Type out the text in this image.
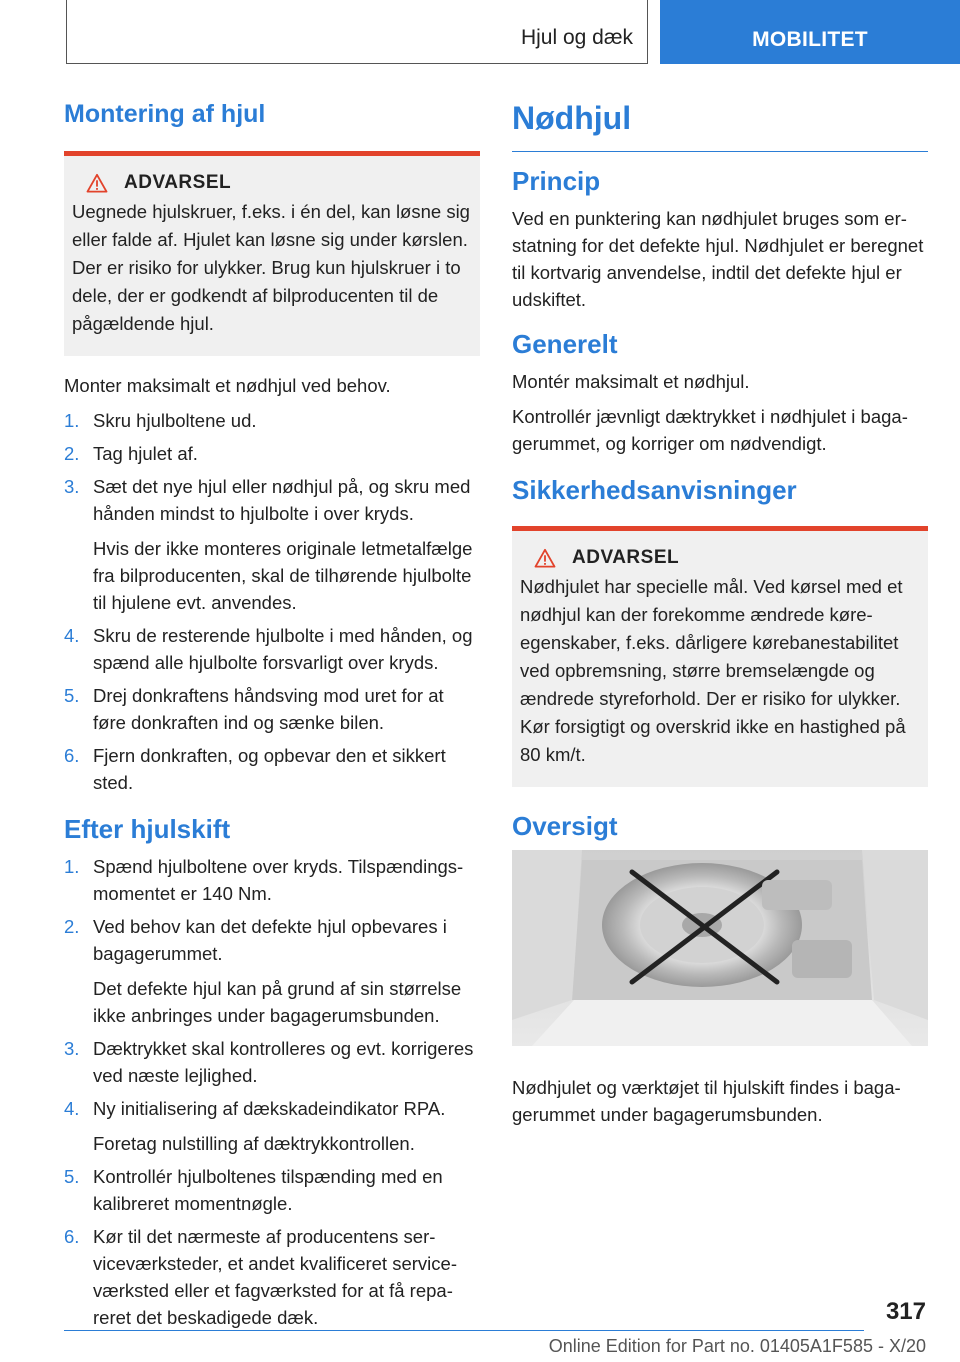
Hjul og dæk	MOBILITET
Montering af hjul
ADVARSEL

Uegnede hjulskruer, f.eks. i én del, kan løsne sig eller falde af. Hjulet kan løsne sig under kørslen. Der er risiko for ulykker. Brug kun hjulskruer i to dele, der er godkendt af bilproducenten til de pågældende hjul.

Monter maksimalt et nødhjul ved behov.

1. Skru hjulboltene ud.
2. Tag hjulet af.
3. Sæt det nye hjul eller nødhjul på, og skru med hånden mindst to hjulbolte i over kryds.
Hvis der ikke monteres originale letmetalfælge fra bilproducenten, skal de tilhørende hjulbolte til hjulene evt. anvendes.
4. Skru de resterende hjulbolte i med hånden, og spænd alle hjulbolte forsvarligt over kryds.
5. Drej donkraftens håndsving mod uret for at føre donkraften ind og sænke bilen.
6. Fjern donkraften, og opbevar den et sikkert sted.
Efter hjulskift
1. Spænd hjulboltene over kryds. Tilspændingsmomentet er 140 Nm.
2. Ved behov kan det defekte hjul opbevares i bagagerummet.
Det defekte hjul kan på grund af sin størrelse ikke anbringes under bagagerumsbunden.
3. Dæktrykket skal kontrolleres og evt. korrigeres ved næste lejlighed.
4. Ny initialisering af dækskadeindikator RPA.
Foretag nulstilling af dæktrykkontrollen.
5. Kontrollér hjulboltenes tilspænding med en kalibreret momentnøgle.
6. Kør til det nærmeste af producentens serviceværksteder, et andet kvalificeret serviceværksted eller et fagværksted for at få repareret det beskadigede dæk.
Nødhjul
Princip

Ved en punktering kan nødhjulet bruges som erstatning for det defekte hjul. Nødhjulet er beregnet til kortvarig anvendelse, indtil det defekte hjul er udskiftet.

Generelt

Montér maksimalt et nødhjul.

Kontrollér jævnligt dæktrykket i nødhjulet i bagagerummet, og korriger om nødvendigt.

Sikkerhedsanvisninger
ADVARSEL

Nødhjulet har specielle mål. Ved kørsel med et nødhjul kan der forekomme ændrede køreegenskaber, f.eks. dårligere kørebanestabilitet ved opbremsning, større bremselængde og ændrede styreforhold. Der er risiko for ulykker. Kør forsigtigt og overskrid ikke en hastighed på 80 km/t.

Oversigt

Nødhjulet og værktøjet til hjulskift findes i bagagerummet under bagagerumsbunden.

317
Online Edition for Part no. 01405A1F585 - X/20
